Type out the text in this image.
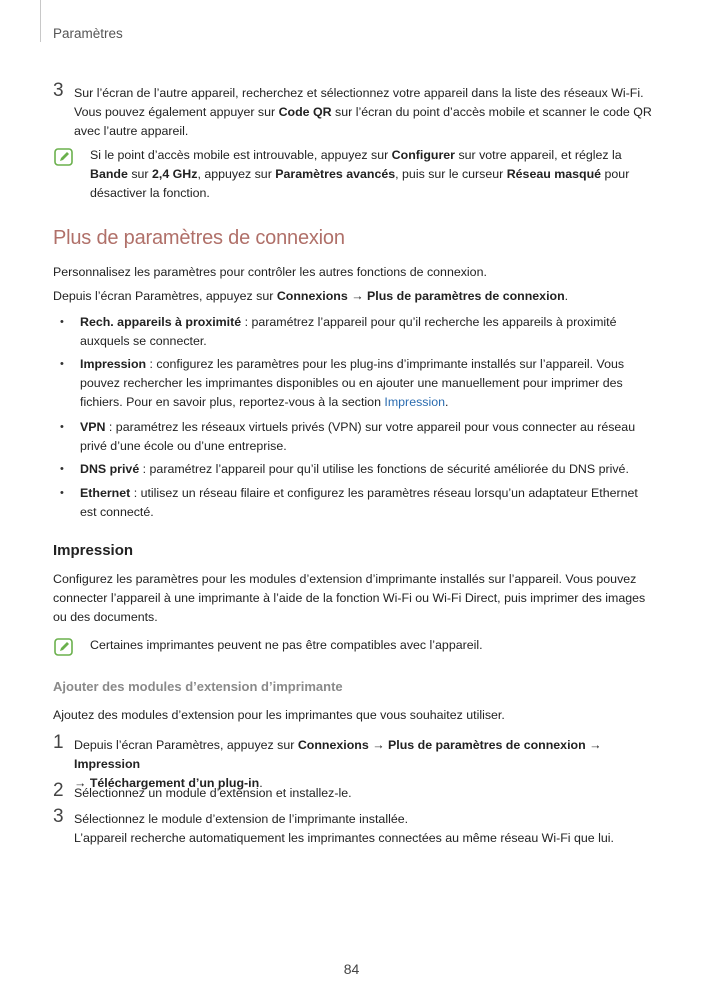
Paramètres
3 Sur l’écran de l’autre appareil, recherchez et sélectionnez votre appareil dans la liste des réseaux Wi-Fi.
Vous pouvez également appuyer sur Code QR sur l’écran du point d’accès mobile et scanner le code QR avec l’autre appareil.
Si le point d’accès mobile est introuvable, appuyez sur Configurer sur votre appareil, et réglez la Bande sur 2,4 GHz, appuyez sur Paramètres avancés, puis sur le curseur Réseau masqué pour désactiver la fonction.
Plus de paramètres de connexion
Personnalisez les paramètres pour contrôler les autres fonctions de connexion.
Depuis l’écran Paramètres, appuyez sur Connexions → Plus de paramètres de connexion.
• Rech. appareils à proximité : paramétrez l’appareil pour qu’il recherche les appareils à proximité auxquels se connecter.
• Impression : configurez les paramètres pour les plug-ins d’imprimante installés sur l’appareil. Vous pouvez rechercher les imprimantes disponibles ou en ajouter une manuellement pour imprimer des fichiers. Pour en savoir plus, reportez-vous à la section Impression.
• VPN : paramétrez les réseaux virtuels privés (VPN) sur votre appareil pour vous connecter au réseau privé d’une école ou d’une entreprise.
• DNS privé : paramétrez l’appareil pour qu’il utilise les fonctions de sécurité améliorée du DNS privé.
• Ethernet : utilisez un réseau filaire et configurez les paramètres réseau lorsqu’un adaptateur Ethernet est connecté.
Impression
Configurez les paramètres pour les modules d’extension d’imprimante installés sur l’appareil. Vous pouvez connecter l’appareil à une imprimante à l’aide de la fonction Wi-Fi ou Wi-Fi Direct, puis imprimer des images ou des documents.
Certaines imprimantes peuvent ne pas être compatibles avec l’appareil.
Ajouter des modules d’extension d’imprimante
Ajoutez des modules d’extension pour les imprimantes que vous souhaitez utiliser.
1 Depuis l’écran Paramètres, appuyez sur Connexions → Plus de paramètres de connexion → Impression
→ Téléchargement d’un plug-in.
2 Sélectionnez un module d’extension et installez-le.
3 Sélectionnez le module d’extension de l’imprimante installée.
L’appareil recherche automatiquement les imprimantes connectées au même réseau Wi-Fi que lui.
84
